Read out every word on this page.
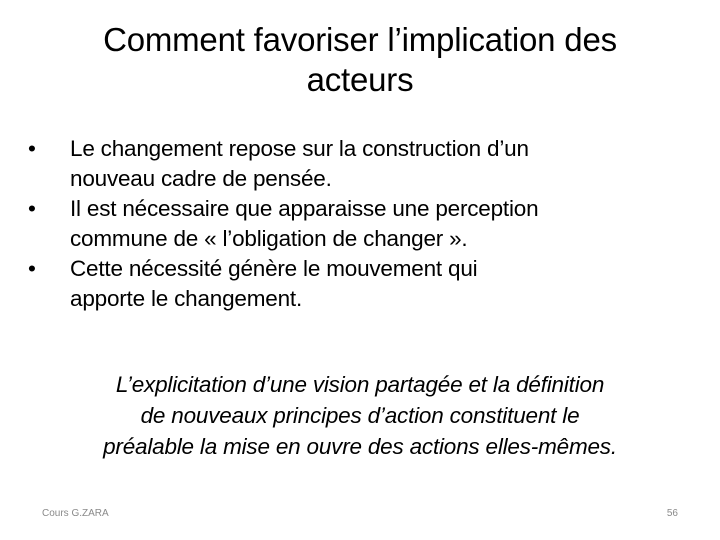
Comment favoriser l’implication des
acteurs
•	Le changement repose sur la construction d’un
nouveau cadre de pensée.
•	Il est nécessaire que apparaisse une perception
commune de « l’obligation de changer ».
•	Cette nécessité génère le mouvement qui
apporte le changement.
L’explicitation d’une vision partagée et la définition
de nouveaux principes d’action constituent le
préalable la mise en ouvre des actions elles-mêmes.
Cours G.ZARA	56
